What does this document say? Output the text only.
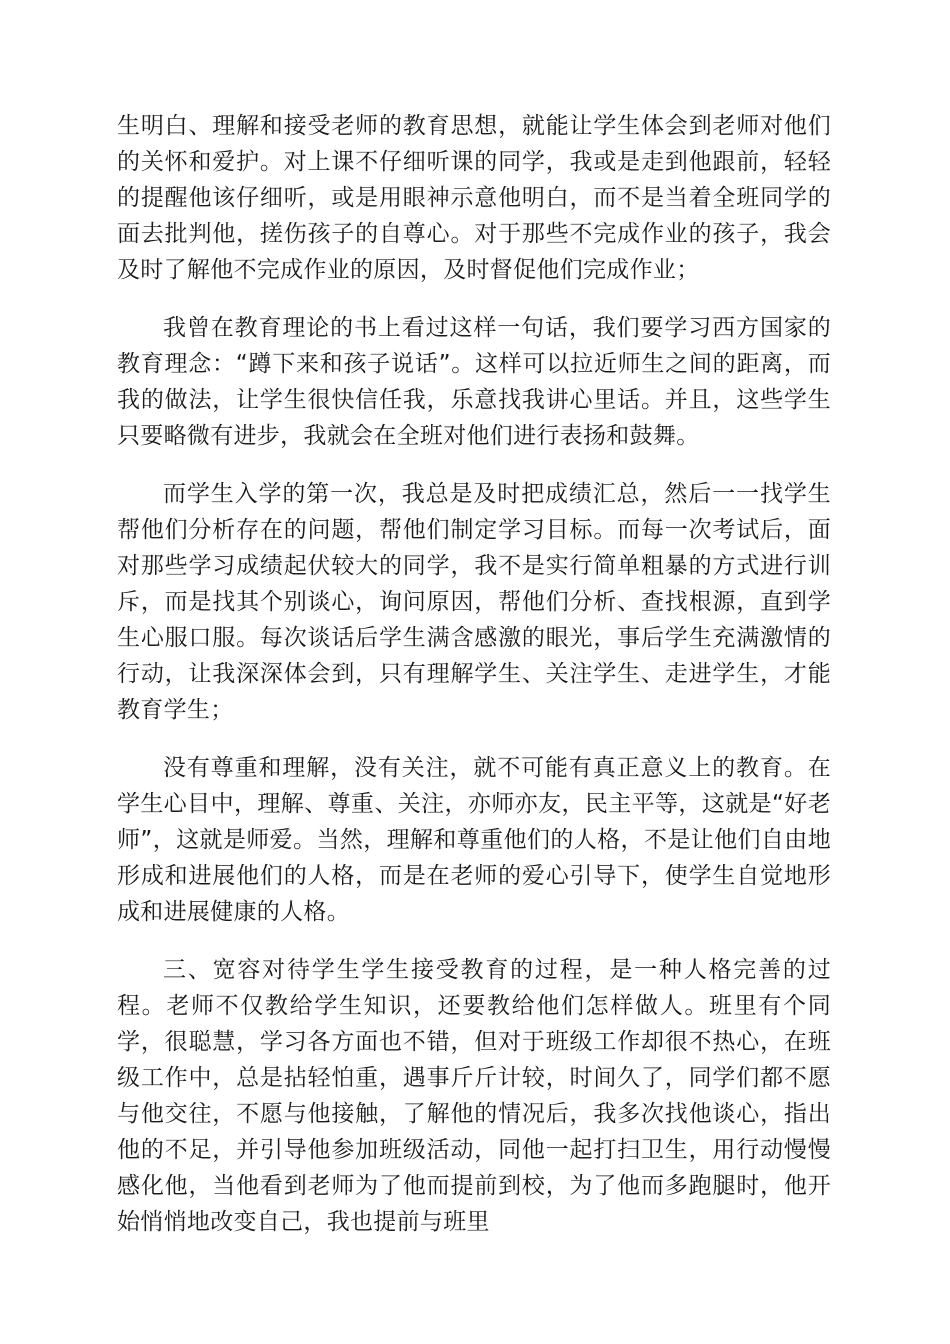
生明白、理解和接受老师的教育思想，就能让学生体会到老师对他们的关怀和爱护。对上课不仔细听课的同学，我或是走到他跟前，轻轻的提醒他该仔细听，或是用眼神示意他明白，而不是当着全班同学的面去批判他，搓伤孩子的自尊心。对于那些不完成作业的孩子，我会及时了解他不完成作业的原因，及时督促他们完成作业；

我曾在教育理论的书上看过这样一句话，我们要学习西方国家的教育理念：“蹲下来和孩子说话”。这样可以拉近师生之间的距离，而我的做法，让学生很快信任我，乐意找我讲心里话。并且，这些学生只要略微有进步，我就会在全班对他们进行表扬和鼓舞。

而学生入学的第一次，我总是及时把成绩汇总，然后一一找学生帮他们分析存在的问题，帮他们制定学习目标。而每一次考试后，面对那些学习成绩起伏较大的同学，我不是实行简单粗暴的方式进行训斥，而是找其个别谈心，询问原因，帮他们分析、查找根源，直到学生心服口服。每次谈话后学生满含感激的眼光，事后学生充满激情的行动，让我深深体会到，只有理解学生、关注学生、走进学生，才能教育学生；

没有尊重和理解，没有关注，就不可能有真正意义上的教育。在学生心目中，理解、尊重、关注，亦师亦友，民主平等，这就是“好老师”，这就是师爱。当然，理解和尊重他们的人格，不是让他们自由地形成和进展他们的人格，而是在老师的爱心引导下，使学生自觉地形成和进展健康的人格。

三、宽容对待学生学生接受教育的过程，是一种人格完善的过程。老师不仅教给学生知识，还要教给他们怎样做人。班里有个同学，很聪慧，学习各方面也不错，但对于班级工作却很不热心，在班级工作中，总是拈轻怕重，遇事斤斤计较，时间久了，同学们都不愿与他交往，不愿与他接触，了解他的情况后，我多次找他谈心，指出他的不足，并引导他参加班级活动，同他一起打扫卫生，用行动慢慢感化他，当他看到老师为了他而提前到校，为了他而多跑腿时，他开始悄悄地改变自己，我也提前与班里
